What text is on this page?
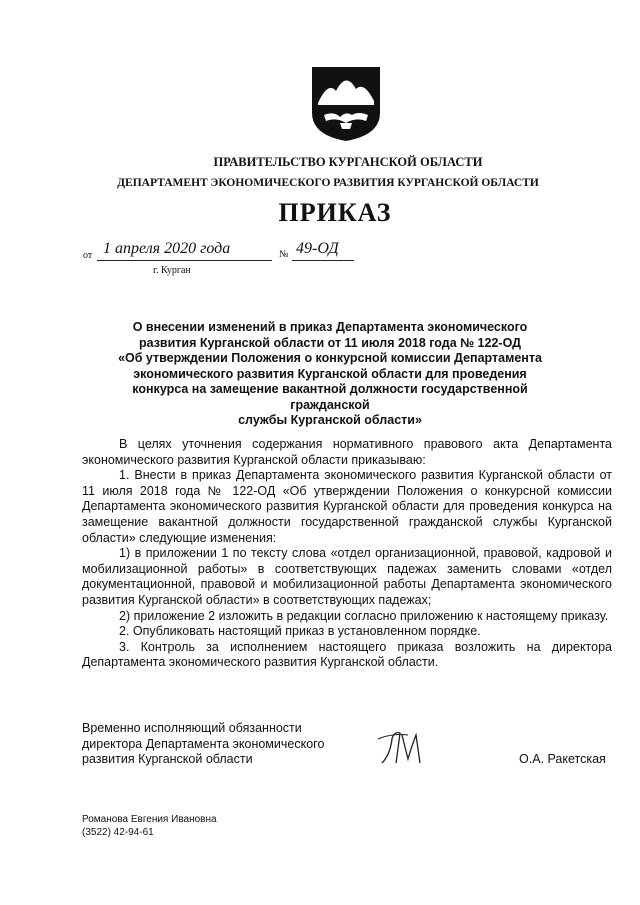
ПРАВИТЕЛЬСТВО КУРГАНСКОЙ ОБЛАСТИ
ДЕПАРТАМЕНТ ЭКОНОМИЧЕСКОГО РАЗВИТИЯ КУРГАНСКОЙ ОБЛАСТИ
ПРИКАЗ
от 1 апреля 2020 года	№ 49-ОД
г. Курган
О внесении изменений в приказ Департамента экономического
развития Курганской области от 11 июля 2018 года № 122-ОД
«Об утверждении Положения о конкурсной комиссии Департамента
экономического развития Курганской области для проведения
конкурса на замещение вакантной должности государственной гражданской
службы Курганской области»

В целях уточнения содержания нормативного правового акта Департамента экономического развития Курганской области приказываю:

1. Внести в приказ Департамента экономического развития Курганской области от 11 июля 2018 года № 122-ОД «Об утверждении Положения о конкурсной комиссии Департамента экономического развития Курганской области для проведения конкурса на замещение вакантной должности государственной гражданской службы Курганской области» следующие изменения:

1) в приложении 1 по тексту слова «отдел организационной, правовой, кадровой и мобилизационной работы» в соответствующих падежах заменить словами «отдел документационной, правовой и мобилизационной работы Департамента экономического развития Курганской области» в соответствующих падежах;

2) приложение 2 изложить в редакции согласно приложению к настоящему приказу.

2. Опубликовать настоящий приказ в установленном порядке.

3. Контроль за исполнением настоящего приказа возложить на директора Департамента экономического развития Курганской области.

Временно исполняющий обязанности
директора Департамента экономического
развития Курганской области	О.А. Ракетская
Романова Евгения Ивановна
(3522) 42-94-61
